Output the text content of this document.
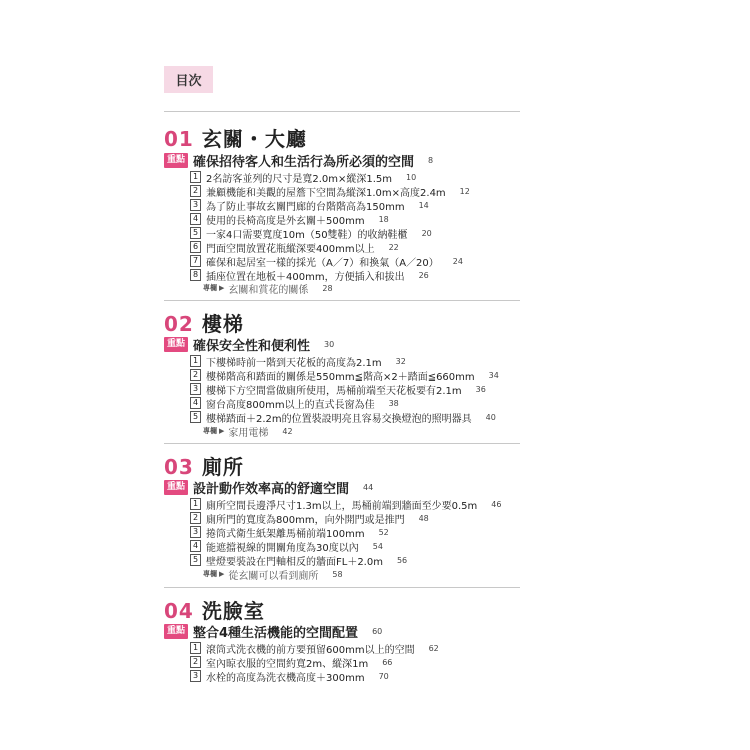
目次
01 玄關・大廳
重點 確保招待客人和生活行為所必須的空間 8
1 2名訪客並列的尺寸是寬2.0m×縱深1.5m 10
2 兼顧機能和美觀的屋簷下空間為縱深1.0m×高度2.4m 12
3 為了防止事故玄關門廊的台階階高為150mm 14
4 使用的長椅高度是外玄關＋500mm 18
5 一家4口需要寬度10m（50雙鞋）的收納鞋櫃 20
6 門面空間放置花瓶縱深要400mm以上 22
7 確保和起居室一樣的採光（A／7）和換氣（A／20） 24
8 插座位置在地板＋400mm，方便插入和拔出 26
專欄 ▶ 玄關和賞花的關係 28
02 樓梯
重點 確保安全性和便利性 30
1 下樓梯時前一階到天花板的高度為2.1m 32
2 樓梯階高和踏面的關係是550mm≦階高×2＋踏面≦660mm 34
3 樓梯下方空間當做廁所使用，馬桶前端至天花板要有2.1m 36
4 窗台高度800mm以上的直式長窗為佳 38
5 樓梯踏面＋2.2m的位置裝設明亮且容易交換燈泡的照明器具 40
專欄 ▶ 家用電梯 42
03 廁所
重點 設計動作效率高的舒適空間 44
1 廁所空間長邊淨尺寸1.3m以上，馬桶前端到牆面至少要0.5m 46
2 廁所門的寬度為800mm，向外開門或是推門 48
3 捲筒式衛生紙架離馬桶前端100mm 52
4 能遮擋視線的開關角度為30度以內 54
5 壁燈要裝設在門軸相反的牆面FL＋2.0m 56
專欄 ▶ 從玄關可以看到廁所 58
04 洗臉室
重點 整合4種生活機能的空間配置 60
1 滾筒式洗衣機的前方要預留600mm以上的空間 62
2 室內晾衣服的空間約寬2m、縱深1m 66
3 水栓的高度為洗衣機高度＋300mm 70
